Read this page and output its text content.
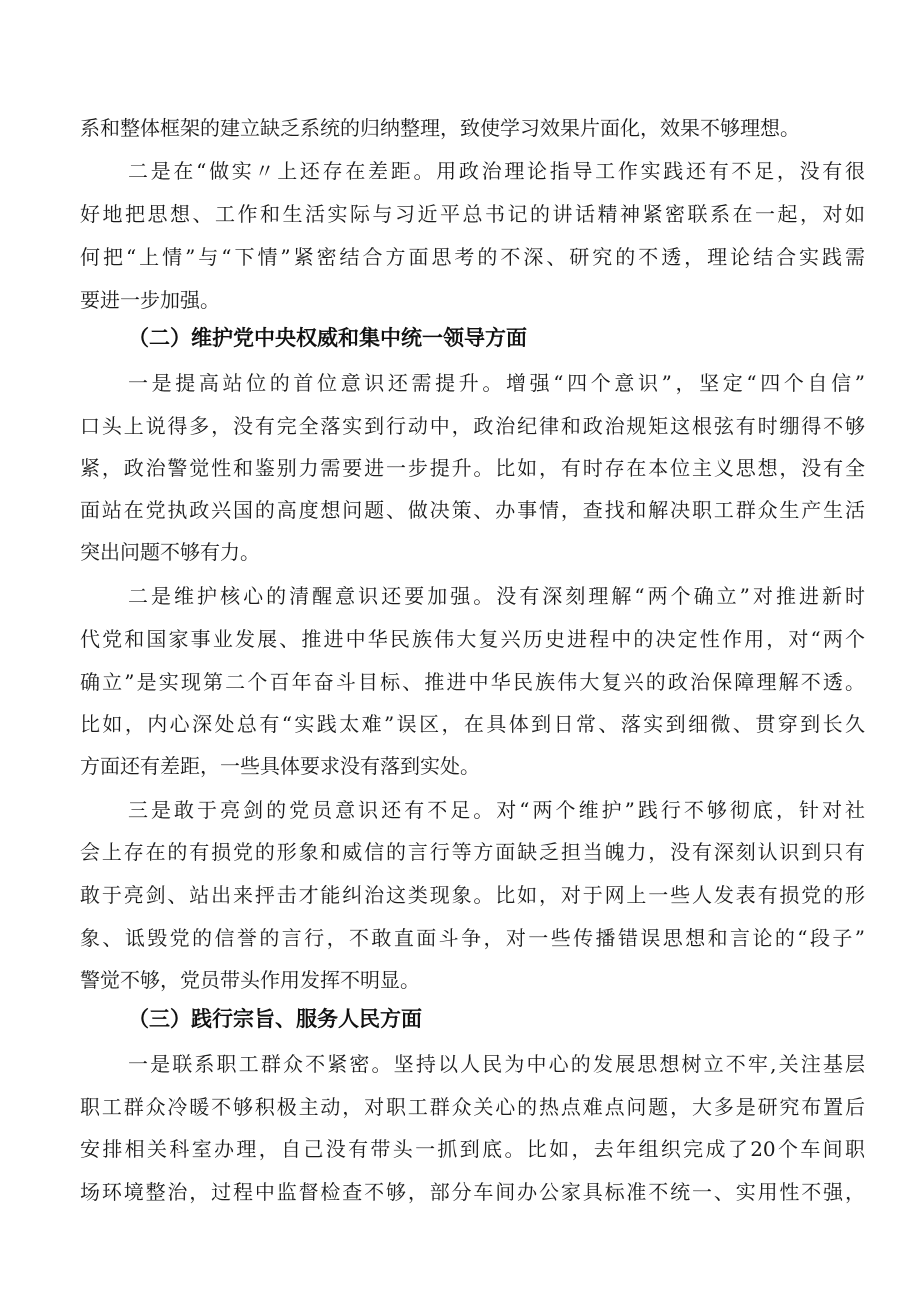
系和整体框架的建立缺乏系统的归纳整理，致使学习效果片面化，效果不够理想。
二是在“做实〃上还存在差距。用政治理论指导工作实践还有不足，没有很
好地把思想、工作和生活实际与习近平总书记的讲话精神紧密联系在一起，对如
何把“上情”与“下情”紧密结合方面思考的不深、研究的不透，理论结合实践需
要进一步加强。
（二）维护党中央权威和集中统一领导方面
一是提高站位的首位意识还需提升。增强“四个意识”，坚定“四个自信”
口头上说得多，没有完全落实到行动中，政治纪律和政治规矩这根弦有时绷得不够
紧，政治警觉性和鉴别力需要进一步提升。比如，有时存在本位主义思想，没有全
面站在党执政兴国的高度想问题、做决策、办事情，查找和解决职工群众生产生活
突出问题不够有力。
二是维护核心的清醒意识还要加强。没有深刻理解“两个确立”对推进新时
代党和国家事业发展、推进中华民族伟大复兴历史进程中的决定性作用，对“两个
确立”是实现第二个百年奋斗目标、推进中华民族伟大复兴的政治保障理解不透。
比如，内心深处总有“实践太难”误区，在具体到日常、落实到细微、贯穿到长久
方面还有差距，一些具体要求没有落到实处。
三是敢于亮剑的党员意识还有不足。对“两个维护”践行不够彻底，针对社
会上存在的有损党的形象和威信的言行等方面缺乏担当魄力，没有深刻认识到只有
敢于亮剑、站出来抨击才能纠治这类现象。比如，对于网上一些人发表有损党的形
象、诋毁党的信誉的言行，不敢直面斗争，对一些传播错误思想和言论的“段子”
警觉不够，党员带头作用发挥不明显。
（三）践行宗旨、服务人民方面
一是联系职工群众不紧密。坚持以人民为中心的发展思想树立不牢,关注基层
职工群众冷暖不够积极主动，对职工群众关心的热点难点问题，大多是研究布置后
安排相关科室办理，自己没有带头一抓到底。比如，去年组织完成了20个车间职
场环境整治，过程中监督检查不够，部分车间办公家具标准不统一、实用性不强，
